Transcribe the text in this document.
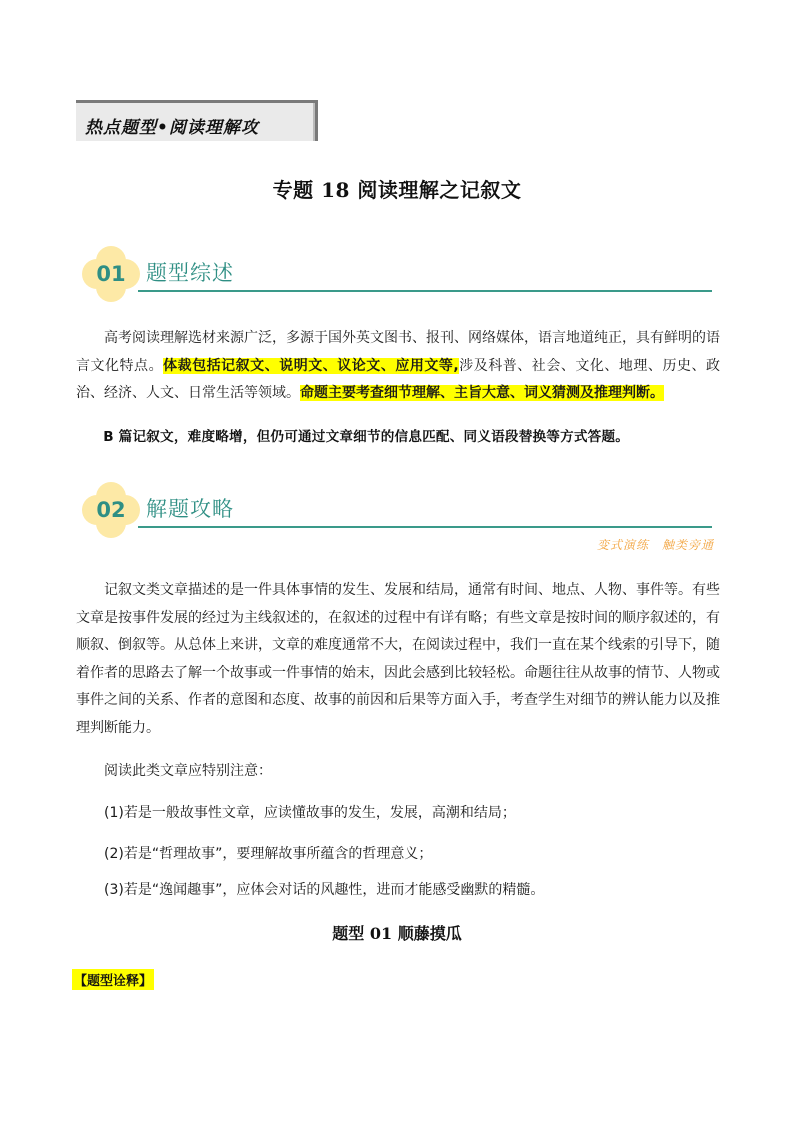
热点题型•阅读理解攻
专题 18 阅读理解之记叙文
01 题型综述
高考阅读理解选材来源广泛，多源于国外英文图书、报刊、网络媒体，语言地道纯正，具有鲜明的语言文化特点。体裁包括记叙文、说明文、议论文、应用文等,涉及科普、社会、文化、地理、历史、政治、经济、人文、日常生活等领域。命题主要考查细节理解、主旨大意、词义猜测及推理判断。
B 篇记叙文，难度略增，但仍可通过文章细节的信息匹配、同义语段替换等方式答题。
02 解题攻略
变式演练　触类旁通
记叙文类文章描述的是一件具体事情的发生、发展和结局，通常有时间、地点、人物、事件等。有些文章是按事件发展的经过为主线叙述的，在叙述的过程中有详有略；有些文章是按时间的顺序叙述的，有顺叙、倒叙等。从总体上来讲，文章的难度通常不大，在阅读过程中，我们一直在某个线索的引导下，随着作者的思路去了解一个故事或一件事情的始末，因此会感到比较轻松。命题往往从故事的情节、人物或事件之间的关系、作者的意图和态度、故事的前因和后果等方面入手，考查学生对细节的辨认能力以及推理判断能力。
阅读此类文章应特别注意：
(1)若是一般故事性文章，应读懂故事的发生，发展，高潮和结局；
(2)若是“哲理故事”，要理解故事所蕴含的哲理意义；
(3)若是“逸闻趣事”，应体会对话的风趣性，进而才能感受幽默的精髓。
题型 01 顺藤摸瓜
【题型诠释】
